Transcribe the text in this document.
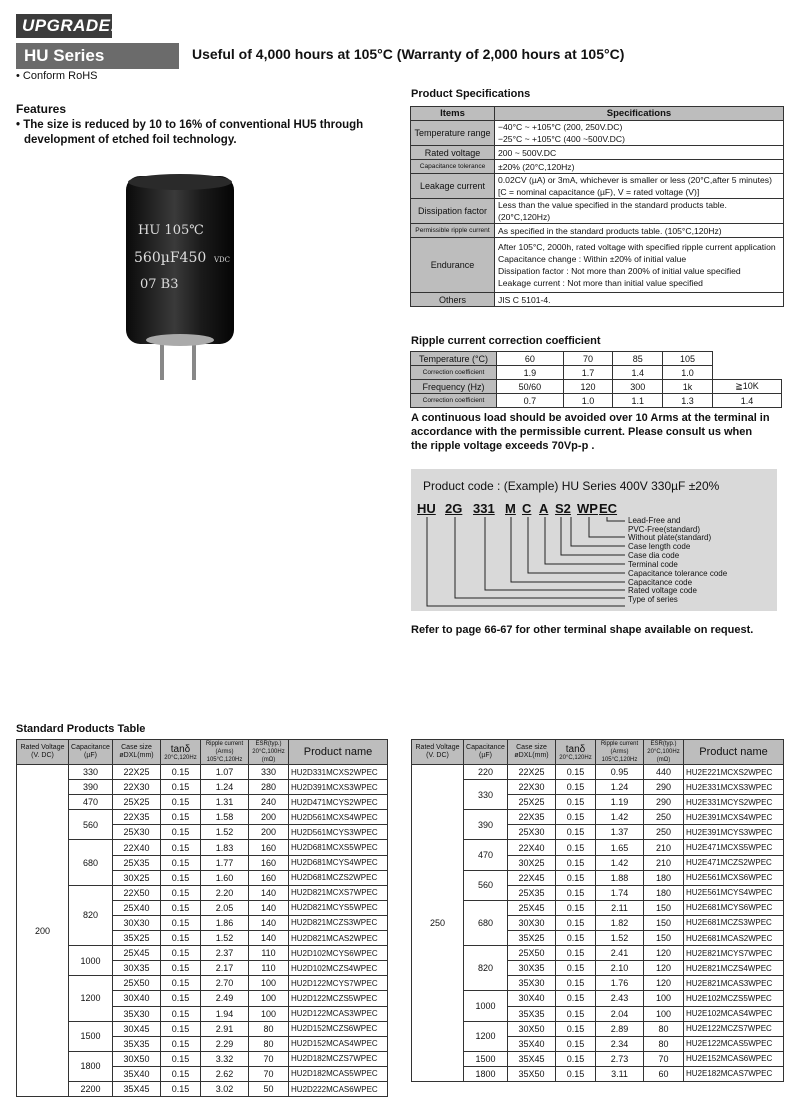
UPGRADE!
HU Series	Useful of 4,000 hours at 105°C (Warranty of 2,000 hours at 105°C)
• Conform RoHS
Features
• The size is reduced by 10 to 16% of conventional HU5 through development of etched foil technology.
HU 105℃
560µF450 VDC
07 B3
Product Specifications
Items	Specifications
Temperature range	−40°C ~ +105°C (200, 250V.DC)
−25°C ~ +105°C (400 ~500V.DC)

Rated voltage	200 ~ 500V.DC
Capacitance tolerance	±20% (20°C,120Hz)
Leakage current	0.02CV (µA) or 3mA, whichever is smaller or less (20°C,after 5 minutes)
[C = nominal capacitance (µF), V = rated voltage (V)]

Dissipation factor	Less than the value specified in the standard products table. (20°C,120Hz)
Permissible ripple current	As specified in the standard products table. (105°C,120Hz)
Endurance	After 105°C, 2000h, rated voltage with specified ripple current application
Capacitance change : Within ±20% of initial value
Dissipation factor : Not more than 200% of initial value specified
Leakage current : Not more than initial value specified

Others	JIS C 5101-4.
Ripple current correction coefficient
Temperature (°C)	60	70	85	105	
Correction coefficient	1.9	1.7	1.4	1.0	
Frequency (Hz)	50/60	120	300	1k	≧10K
Correction coefficient	0.7	1.0	1.1	1.3	1.4
A continuous load should be avoided over 10 Arms at the terminal in accordance with the permissible current. Please consult us when the ripple voltage exceeds 70Vp-p .
Product code : (Example) HU Series 400V 330µF ±20%
HU 2G 331 M C A S2 WP EC
Lead-Free and
PVC-Free(standard)
Without plate(standard)
Case length code
Case dia code
Terminal code
Capacitance tolerance code
Capacitance code
Rated voltage code
Type of series
Refer to page 66-67 for other terminal shape available on request.
Standard Products Table
Rated Voltage (V. DC)	Capacitance (µF)	Case size øDXL(mm)	tanδ
20°C,120Hz	Ripple current (Arms) 105°C,120Hz	ESR(typ.) 20°C,100Hz (mΩ)	Product name
200	330	22X25	0.15	1.07	330	HU2D331MCXS2WPEC
	390	22X30	0.15	1.24	280	HU2D391MCXS3WPEC
	470	25X25	0.15	1.31	240	HU2D471MCYS2WPEC
	560	22X35	0.15	1.58	200	HU2D561MCXS4WPEC
		25X30	0.15	1.52	200	HU2D561MCYS3WPEC
	680	22X40	0.15	1.83	160	HU2D681MCXS5WPEC
		25X35	0.15	1.77	160	HU2D681MCYS4WPEC
		30X25	0.15	1.60	160	HU2D681MCZS2WPEC
	820	22X50	0.15	2.20	140	HU2D821MCXS7WPEC
		25X40	0.15	2.05	140	HU2D821MCYS5WPEC
		30X30	0.15	1.86	140	HU2D821MCZS3WPEC
		35X25	0.15	1.52	140	HU2D821MCAS2WPEC
	1000	25X45	0.15	2.37	110	HU2D102MCYS6WPEC
		30X35	0.15	2.17	110	HU2D102MCZS4WPEC
	1200	25X50	0.15	2.70	100	HU2D122MCYS7WPEC
		30X40	0.15	2.49	100	HU2D122MCZS5WPEC
		35X30	0.15	1.94	100	HU2D122MCAS3WPEC
	1500	30X45	0.15	2.91	80	HU2D152MCZS6WPEC
		35X35	0.15	2.29	80	HU2D152MCAS4WPEC
	1800	30X50	0.15	3.32	70	HU2D182MCZS7WPEC
		35X40	0.15	2.62	70	HU2D182MCAS5WPEC
	2200	35X45	0.15	3.02	50	HU2D222MCAS6WPEC
Rated Voltage (V. DC)	Capacitance (µF)	Case size øDXL(mm)	tanδ
20°C,120Hz	Ripple current (Arms) 105°C,120Hz	ESR(typ.) 20°C,100Hz (mΩ)	Product name
250	220	22X25	0.15	0.95	440	HU2E221MCXS2WPEC
	330	22X30	0.15	1.24	290	HU2E331MCXS3WPEC
		25X25	0.15	1.19	290	HU2E331MCYS2WPEC
	390	22X35	0.15	1.42	250	HU2E391MCXS4WPEC
		25X30	0.15	1.37	250	HU2E391MCYS3WPEC
	470	22X40	0.15	1.65	210	HU2E471MCXS5WPEC
		30X25	0.15	1.42	210	HU2E471MCZS2WPEC
	560	22X45	0.15	1.88	180	HU2E561MCXS6WPEC
		25X35	0.15	1.74	180	HU2E561MCYS4WPEC
	680	25X45	0.15	2.11	150	HU2E681MCYS6WPEC
		30X30	0.15	1.82	150	HU2E681MCZS3WPEC
		35X25	0.15	1.52	150	HU2E681MCAS2WPEC
	820	25X50	0.15	2.41	120	HU2E821MCYS7WPEC
		30X35	0.15	2.10	120	HU2E821MCZS4WPEC
		35X30	0.15	1.76	120	HU2E821MCAS3WPEC
	1000	30X40	0.15	2.43	100	HU2E102MCZS5WPEC
		35X35	0.15	2.04	100	HU2E102MCAS4WPEC
	1200	30X50	0.15	2.89	80	HU2E122MCZS7WPEC
		35X40	0.15	2.34	80	HU2E122MCAS5WPEC
	1500	35X45	0.15	2.73	70	HU2E152MCAS6WPEC
	1800	35X50	0.15	3.11	60	HU2E182MCAS7WPEC
